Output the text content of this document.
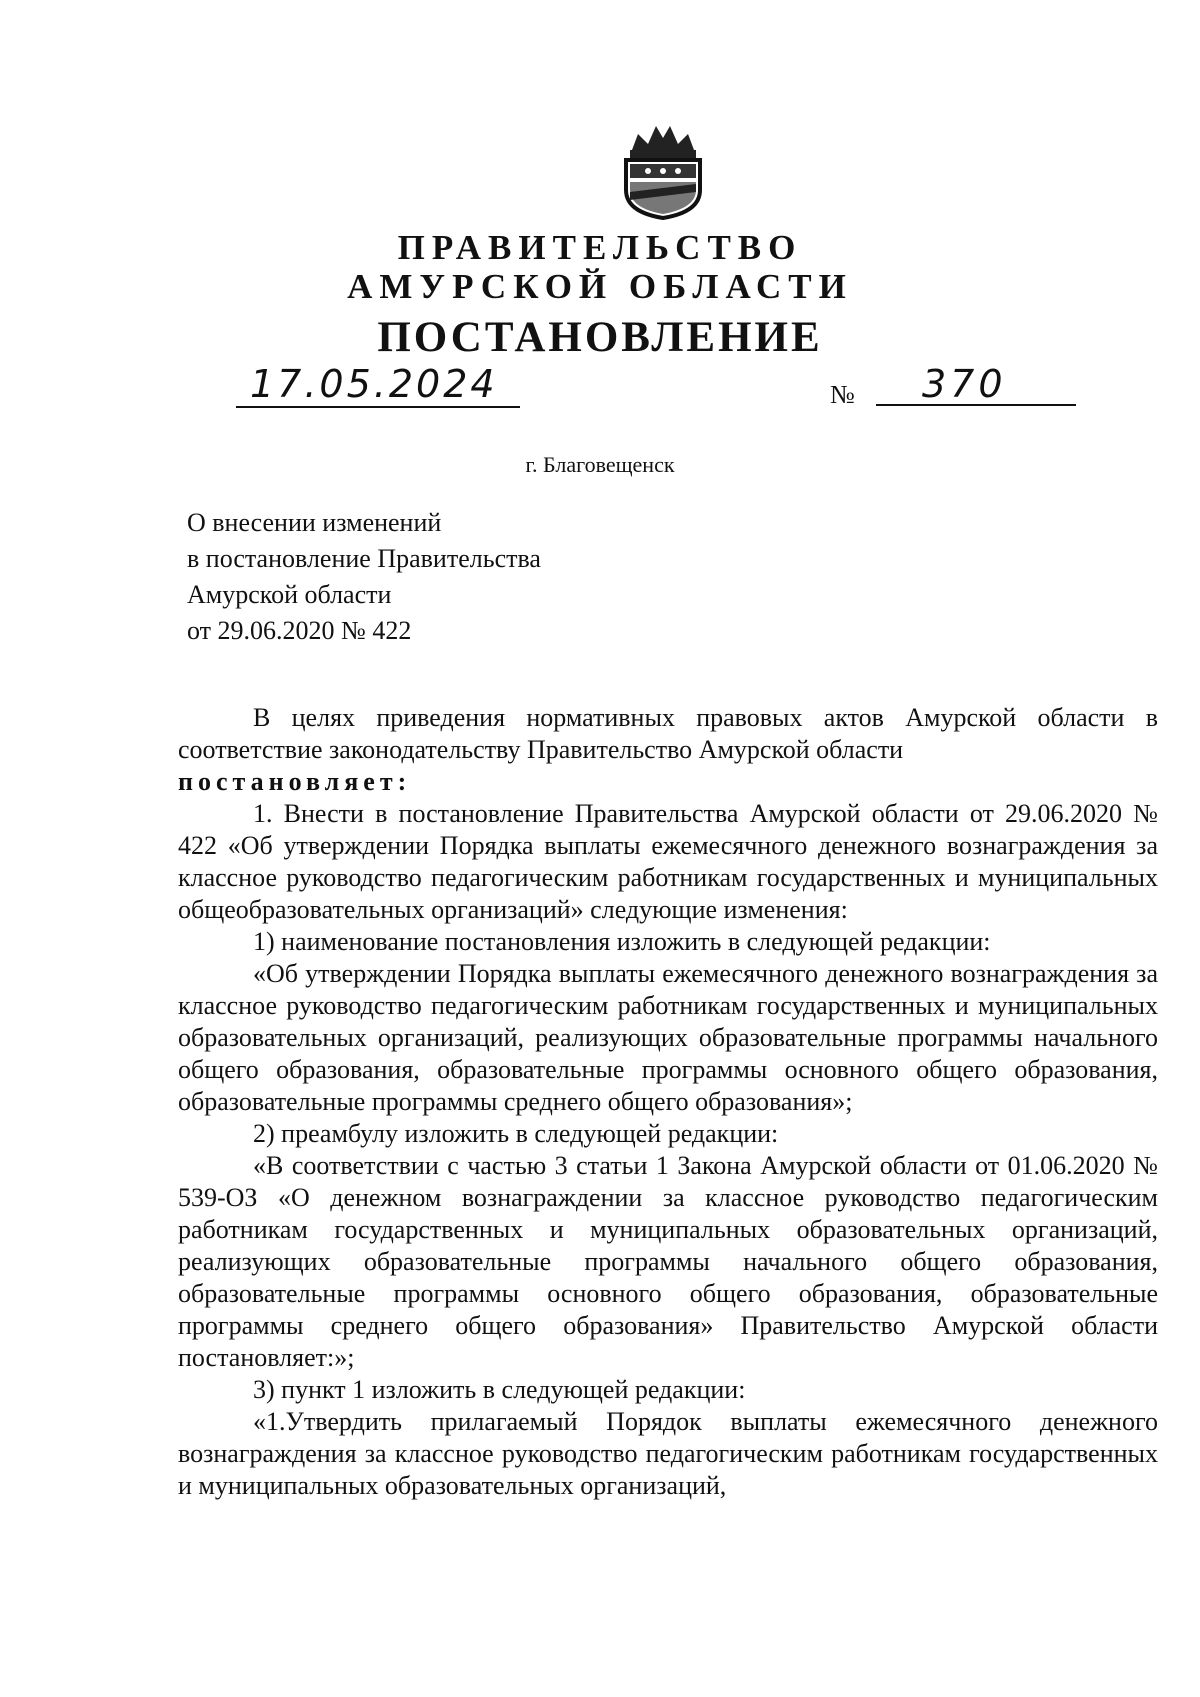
ПРАВИТЕЛЬСТВО
АМУРСКОЙ ОБЛАСТИ
ПОСТАНОВЛЕНИЕ
17.05.2024	№	370
г. Благовещенск
О внесении изменений
в постановление Правительства
Амурской области
от 29.06.2020 № 422

В целях приведения нормативных правовых актов Амурской области в соответствие законодательству Правительство Амурской области

постановляет:

1. Внести в постановление Правительства Амурской области от 29.06.2020 № 422 «Об утверждении Порядка выплаты ежемесячного денежного вознаграждения за классное руководство педагогическим работникам государственных и муниципальных общеобразовательных организаций» следующие изменения:

1) наименование постановления изложить в следующей редакции:

«Об утверждении Порядка выплаты ежемесячного денежного вознаграждения за классное руководство педагогическим работникам государственных и муниципальных образовательных организаций, реализующих образовательные программы начального общего образования, образовательные программы основного общего образования, образовательные программы среднего общего образования»;

2) преамбулу изложить в следующей редакции:

«В соответствии с частью 3 статьи 1 Закона Амурской области от 01.06.2020 № 539-ОЗ «О денежном вознаграждении за классное руководство педагогическим работникам государственных и муниципальных образовательных организаций, реализующих образовательные программы начального общего образования, образовательные программы основного общего образования, образовательные программы среднего общего образования» Правительство Амурской области постановляет:»;

3) пункт 1 изложить в следующей редакции:

«1.Утвердить прилагаемый Порядок выплаты ежемесячного денежного вознаграждения за классное руководство педагогическим работникам государственных и муниципальных образовательных организаций,
